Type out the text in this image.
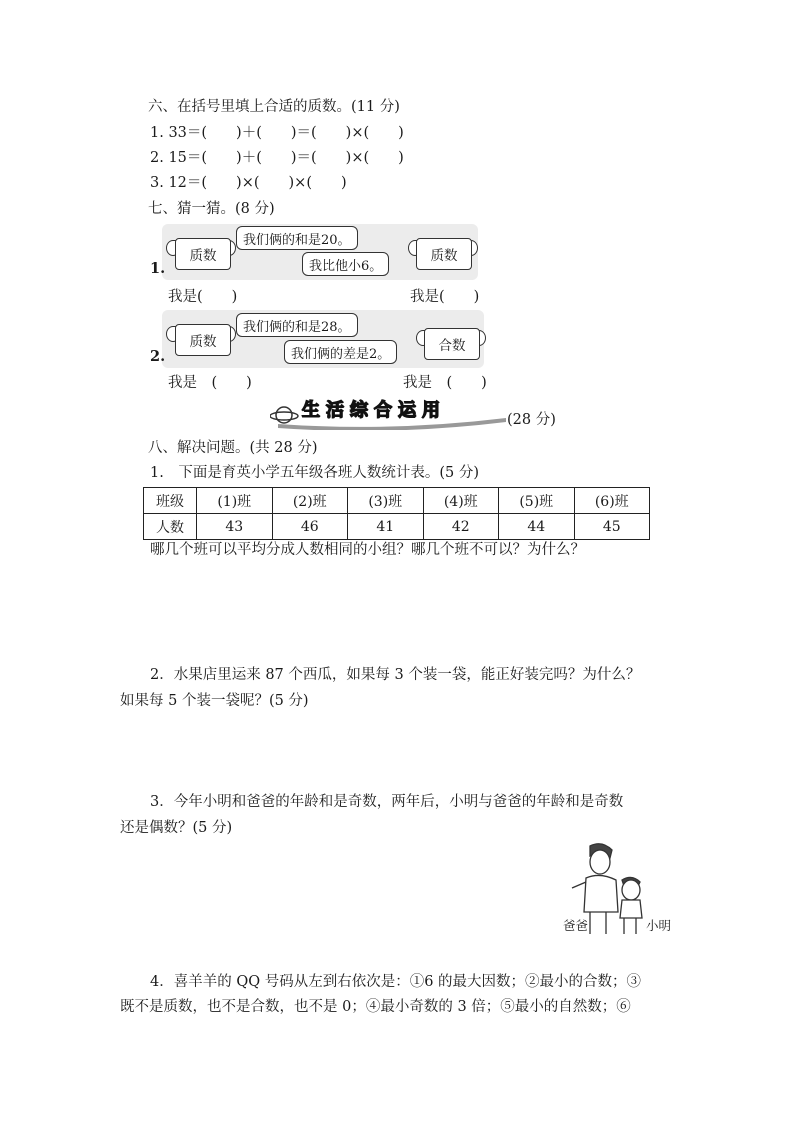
六、在括号里填上合适的质数。(11 分)
1. 33＝(　　)＋(　　)＝(　　)×(　　)
2. 15＝(　　)＋(　　)＝(　　)×(　　)
3. 12＝(　　)×(　　)×(　　)
七、猜一猜。(8 分)
1.
质数
我们俩的和是20。
我比他小6。
质数
我是(　　)	我是(　　)
2.
质数
我们俩的和是28。
我们俩的差是2。	合数
我是　(　　)	我是　(　　)
生活综合运用	(28 分)
八、解决问题。(共 28 分)
1.　下面是育英小学五年级各班人数统计表。(5 分)
班级	(1)班	(2)班	(3)班	(4)班	(5)班	(6)班
人数	43	46	41	42	44	45
哪几个班可以平均分成人数相同的小组？哪几个班不可以？为什么？
2．水果店里运来 87 个西瓜，如果每 3 个装一袋，能正好装完吗？为什么？
如果每 5 个装一袋呢？(5 分)
3．今年小明和爸爸的年龄和是奇数，两年后，小明与爸爸的年龄和是奇数
还是偶数？(5 分)
爸爸	小明
4．喜羊羊的 QQ 号码从左到右依次是：①6 的最大因数；②最小的合数；③
既不是质数，也不是合数，也不是 0；④最小奇数的 3 倍；⑤最小的自然数；⑥
